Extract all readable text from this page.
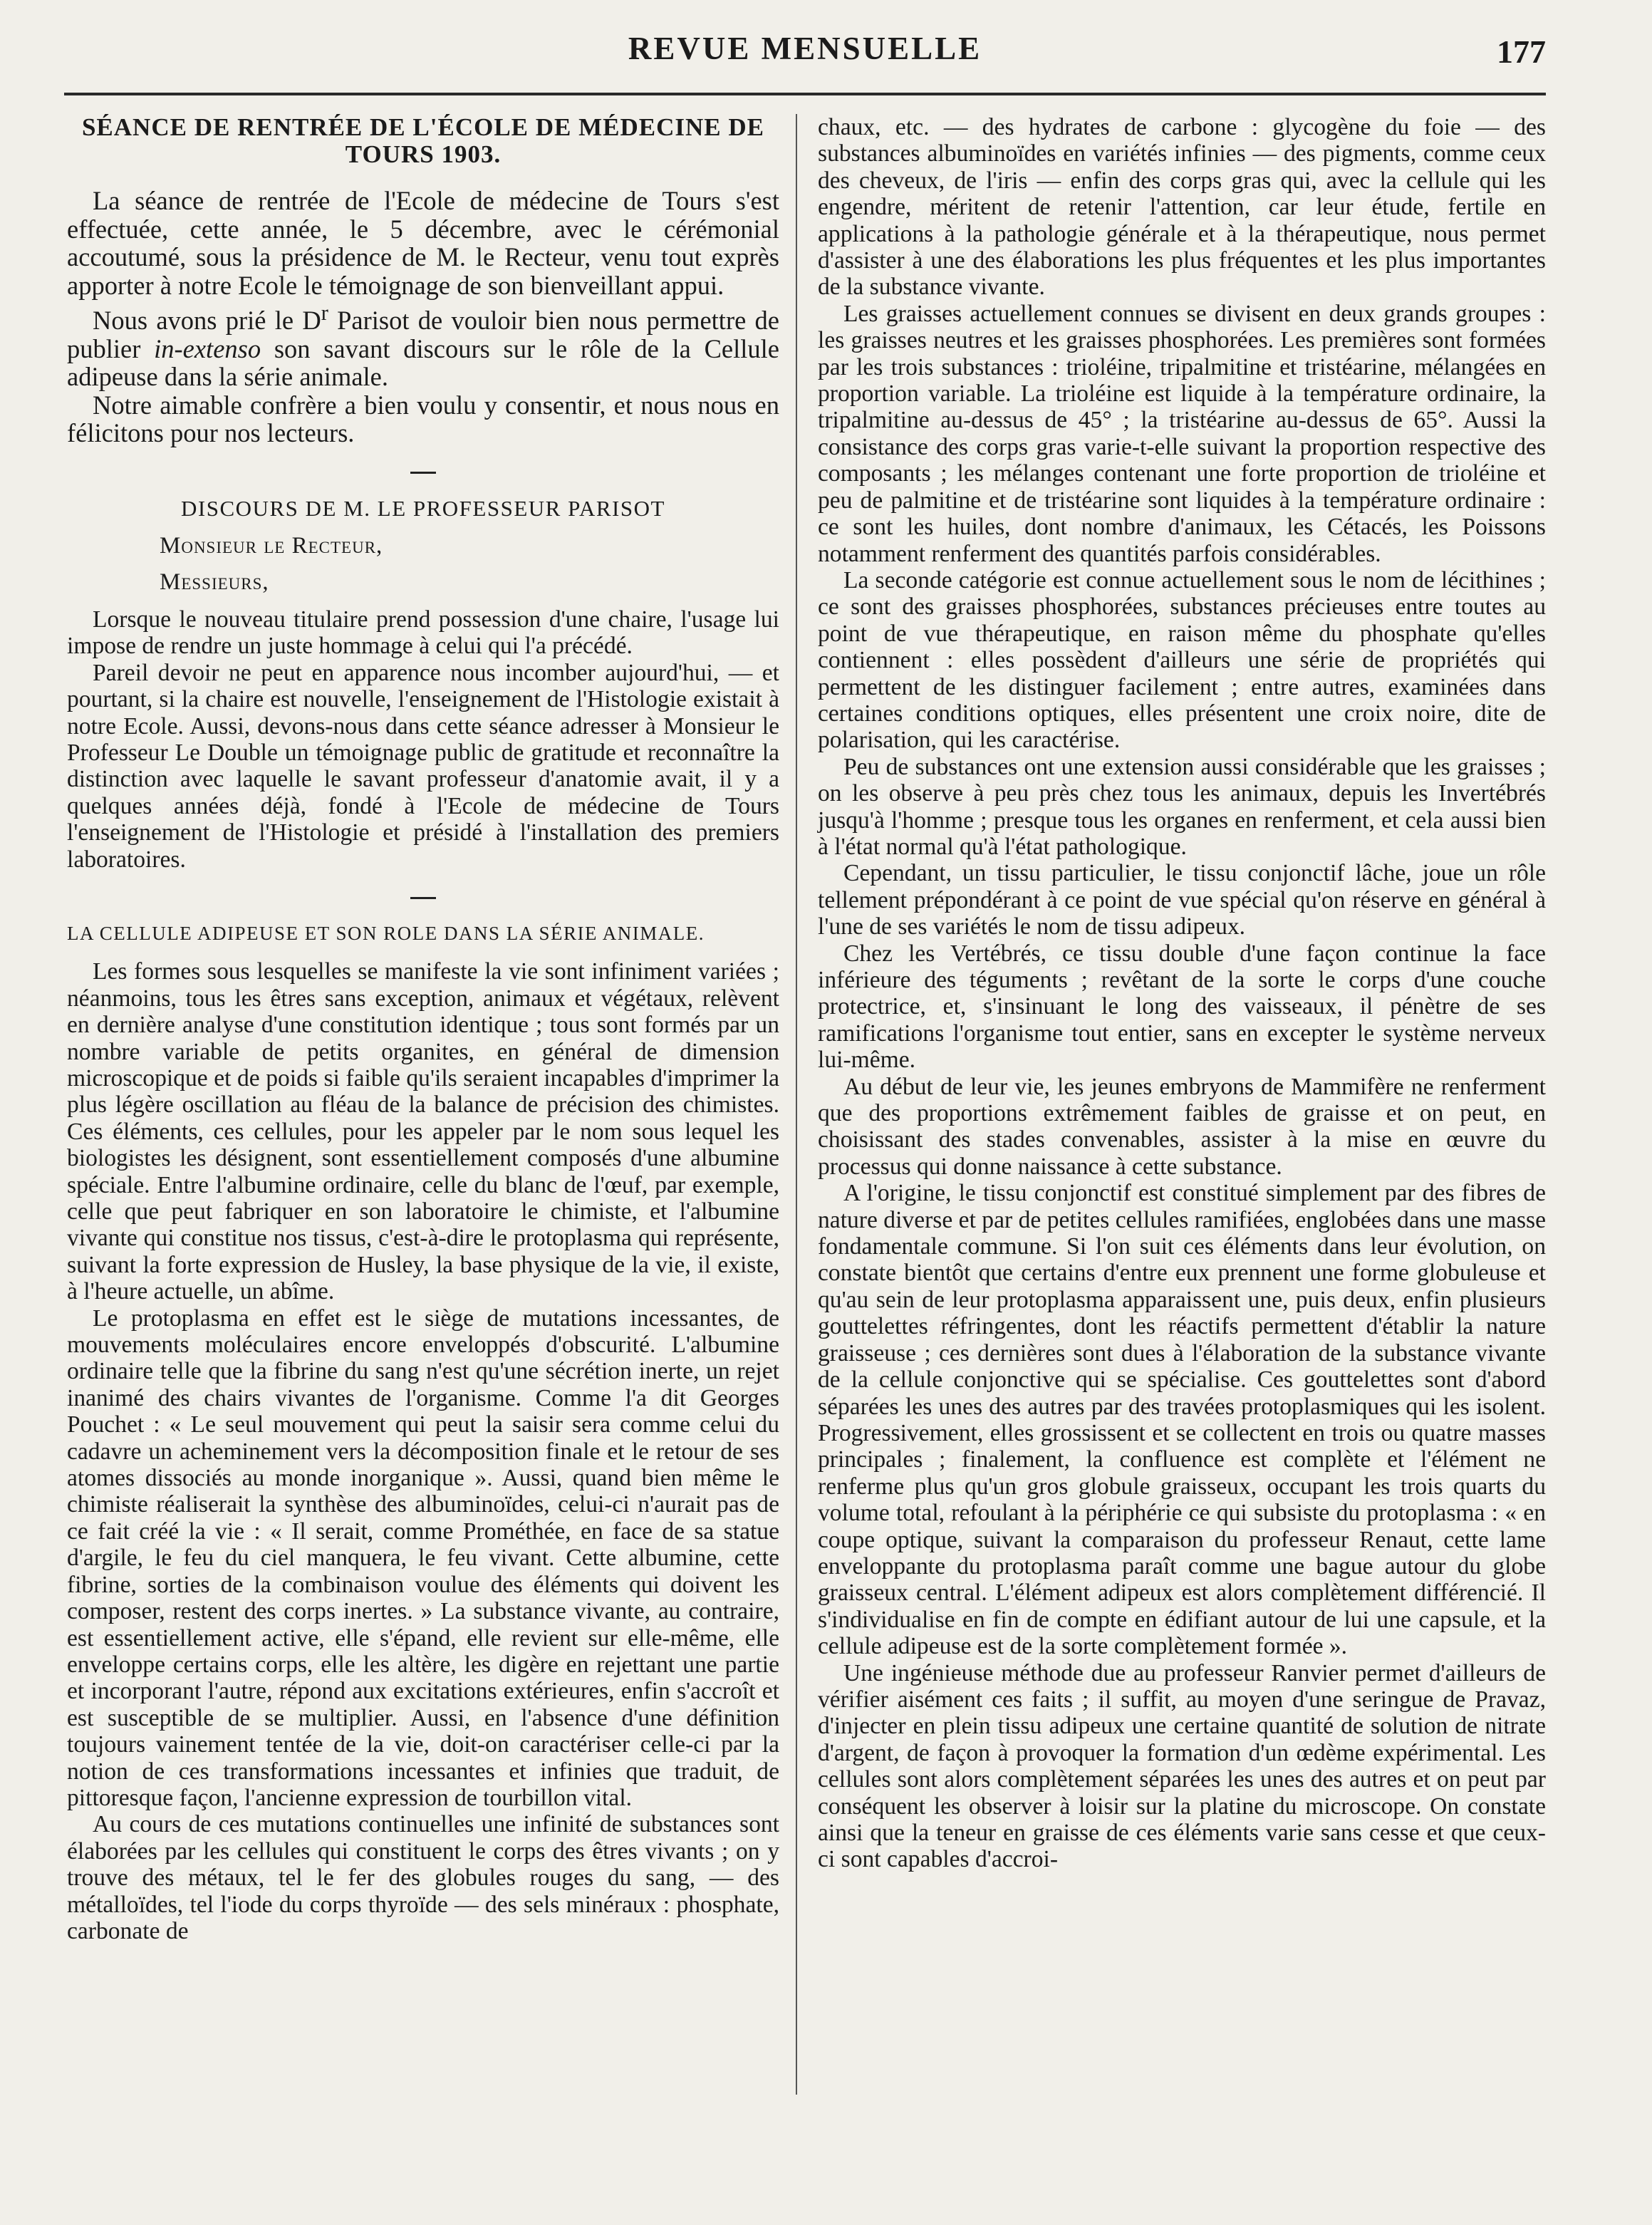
REVUE MENSUELLE	177
SÉANCE DE RENTRÉE DE L'ÉCOLE DE MÉDECINE DE TOURS 1903.

La séance de rentrée de l'Ecole de médecine de Tours s'est effectuée, cette année, le 5 décembre, avec le cérémonial accoutumé, sous la présidence de M. le Recteur, venu tout exprès apporter à notre Ecole le témoignage de son bienveillant appui.

Nous avons prié le $D^r$ Parisot de vouloir bien nous permettre de publier in-extenso son savant discours sur le rôle de la Cellule adipeuse dans la série animale.

Notre aimable confrère a bien voulu y consentir, et nous nous en félicitons pour nos lecteurs.

DISCOURS DE M. LE PROFESSEUR PARISOT
Monsieur le Recteur,
Messieurs,

Lorsque le nouveau titulaire prend possession d'une chaire, l'usage lui impose de rendre un juste hommage à celui qui l'a précédé.

Pareil devoir ne peut en apparence nous incomber aujourd'hui, — et pourtant, si la chaire est nouvelle, l'enseignement de l'Histologie existait à notre Ecole. Aussi, devons-nous dans cette séance adresser à Monsieur le Professeur Le Double un témoignage public de gratitude et reconnaître la distinction avec laquelle le savant professeur d'anatomie avait, il y a quelques années déjà, fondé à l'Ecole de médecine de Tours l'enseignement de l'Histologie et présidé à l'installation des premiers laboratoires.

LA CELLULE ADIPEUSE ET SON ROLE DANS LA SÉRIE ANIMALE.

Les formes sous lesquelles se manifeste la vie sont infiniment variées ; néanmoins, tous les êtres sans exception, animaux et végétaux, relèvent en dernière analyse d'une constitution identique ; tous sont formés par un nombre variable de petits organites, en général de dimension microscopique et de poids si faible qu'ils seraient incapables d'imprimer la plus légère oscillation au fléau de la balance de précision des chimistes. Ces éléments, ces cellules, pour les appeler par le nom sous lequel les biologistes les désignent, sont essentiellement composés d'une albumine spéciale. Entre l'albumine ordinaire, celle du blanc de l'œuf, par exemple, celle que peut fabriquer en son laboratoire le chimiste, et l'albumine vivante qui constitue nos tissus, c'est-à-dire le protoplasma qui représente, suivant la forte expression de Husley, la base physique de la vie, il existe, à l'heure actuelle, un abîme.

Le protoplasma en effet est le siège de mutations incessantes, de mouvements moléculaires encore enveloppés d'obscurité. L'albumine ordinaire telle que la fibrine du sang n'est qu'une sécrétion inerte, un rejet inanimé des chairs vivantes de l'organisme. Comme l'a dit Georges Pouchet : « Le seul mouvement qui peut la saisir sera comme celui du cadavre un acheminement vers la décomposition finale et le retour de ses atomes dissociés au monde inorganique ». Aussi, quand bien même le chimiste réaliserait la synthèse des albuminoïdes, celui-ci n'aurait pas de ce fait créé la vie : « Il serait, comme Prométhée, en face de sa statue d'argile, le feu du ciel manquera, le feu vivant. Cette albumine, cette fibrine, sorties de la combinaison voulue des éléments qui doivent les composer, restent des corps inertes. » La substance vivante, au contraire, est essentiellement active, elle s'épand, elle revient sur elle-même, elle enveloppe certains corps, elle les altère, les digère en rejettant une partie et incorporant l'autre, répond aux excitations extérieures, enfin s'accroît et est susceptible de se multiplier. Aussi, en l'absence d'une définition toujours vainement tentée de la vie, doit-on caractériser celle-ci par la notion de ces transformations incessantes et infinies que traduit, de pittoresque façon, l'ancienne expression de tourbillon vital.

Au cours de ces mutations continuelles une infinité de substances sont élaborées par les cellules qui constituent le corps des êtres vivants ; on y trouve des métaux, tel le fer des globules rouges du sang, — des métalloïdes, tel l'iode du corps thyroïde — des sels minéraux : phosphate, carbonate de

chaux, etc. — des hydrates de carbone : glycogène du foie — des substances albuminoïdes en variétés infinies — des pigments, comme ceux des cheveux, de l'iris — enfin des corps gras qui, avec la cellule qui les engendre, méritent de retenir l'attention, car leur étude, fertile en applications à la pathologie générale et à la thérapeutique, nous permet d'assister à une des élaborations les plus fréquentes et les plus importantes de la substance vivante.

Les graisses actuellement connues se divisent en deux grands groupes : les graisses neutres et les graisses phosphorées. Les premières sont formées par les trois substances : trioléine, tripalmitine et tristéarine, mélangées en proportion variable. La trioléine est liquide à la température ordinaire, la tripalmitine au-dessus de 45° ; la tristéarine au-dessus de 65°. Aussi la consistance des corps gras varie-t-elle suivant la proportion respective des composants ; les mélanges contenant une forte proportion de trioléine et peu de palmitine et de tristéarine sont liquides à la température ordinaire : ce sont les huiles, dont nombre d'animaux, les Cétacés, les Poissons notamment renferment des quantités parfois considérables.

La seconde catégorie est connue actuellement sous le nom de lécithines ; ce sont des graisses phosphorées, substances précieuses entre toutes au point de vue thérapeutique, en raison même du phosphate qu'elles contiennent : elles possèdent d'ailleurs une série de propriétés qui permettent de les distinguer facilement ; entre autres, examinées dans certaines conditions optiques, elles présentent une croix noire, dite de polarisation, qui les caractérise.

Peu de substances ont une extension aussi considérable que les graisses ; on les observe à peu près chez tous les animaux, depuis les Invertébrés jusqu'à l'homme ; presque tous les organes en renferment, et cela aussi bien à l'état normal qu'à l'état pathologique.

Cependant, un tissu particulier, le tissu conjonctif lâche, joue un rôle tellement prépondérant à ce point de vue spécial qu'on réserve en général à l'une de ses variétés le nom de tissu adipeux.

Chez les Vertébrés, ce tissu double d'une façon continue la face inférieure des téguments ; revêtant de la sorte le corps d'une couche protectrice, et, s'insinuant le long des vaisseaux, il pénètre de ses ramifications l'organisme tout entier, sans en excepter le système nerveux lui-même.

Au début de leur vie, les jeunes embryons de Mammifère ne renferment que des proportions extrêmement faibles de graisse et on peut, en choisissant des stades convenables, assister à la mise en œuvre du processus qui donne naissance à cette substance.

A l'origine, le tissu conjonctif est constitué simplement par des fibres de nature diverse et par de petites cellules ramifiées, englobées dans une masse fondamentale commune. Si l'on suit ces éléments dans leur évolution, on constate bientôt que certains d'entre eux prennent une forme globuleuse et qu'au sein de leur protoplasma apparaissent une, puis deux, enfin plusieurs gouttelettes réfringentes, dont les réactifs permettent d'établir la nature graisseuse ; ces dernières sont dues à l'élaboration de la substance vivante de la cellule conjonctive qui se spécialise. Ces gouttelettes sont d'abord séparées les unes des autres par des travées protoplasmiques qui les isolent. Progressivement, elles grossissent et se collectent en trois ou quatre masses principales ; finalement, la confluence est complète et l'élément ne renferme plus qu'un gros globule graisseux, occupant les trois quarts du volume total, refoulant à la périphérie ce qui subsiste du protoplasma : « en coupe optique, suivant la comparaison du professeur Renaut, cette lame enveloppante du protoplasma paraît comme une bague autour du globe graisseux central. L'élément adipeux est alors complètement différencié. Il s'individualise en fin de compte en édifiant autour de lui une capsule, et la cellule adipeuse est de la sorte complètement formée ».

Une ingénieuse méthode due au professeur Ranvier permet d'ailleurs de vérifier aisément ces faits ; il suffit, au moyen d'une seringue de Pravaz, d'injecter en plein tissu adipeux une certaine quantité de solution de nitrate d'argent, de façon à provoquer la formation d'un œdème expérimental. Les cellules sont alors complètement séparées les unes des autres et on peut par conséquent les observer à loisir sur la platine du microscope. On constate ainsi que la teneur en graisse de ces éléments varie sans cesse et que ceux-ci sont capables d'accroi-
